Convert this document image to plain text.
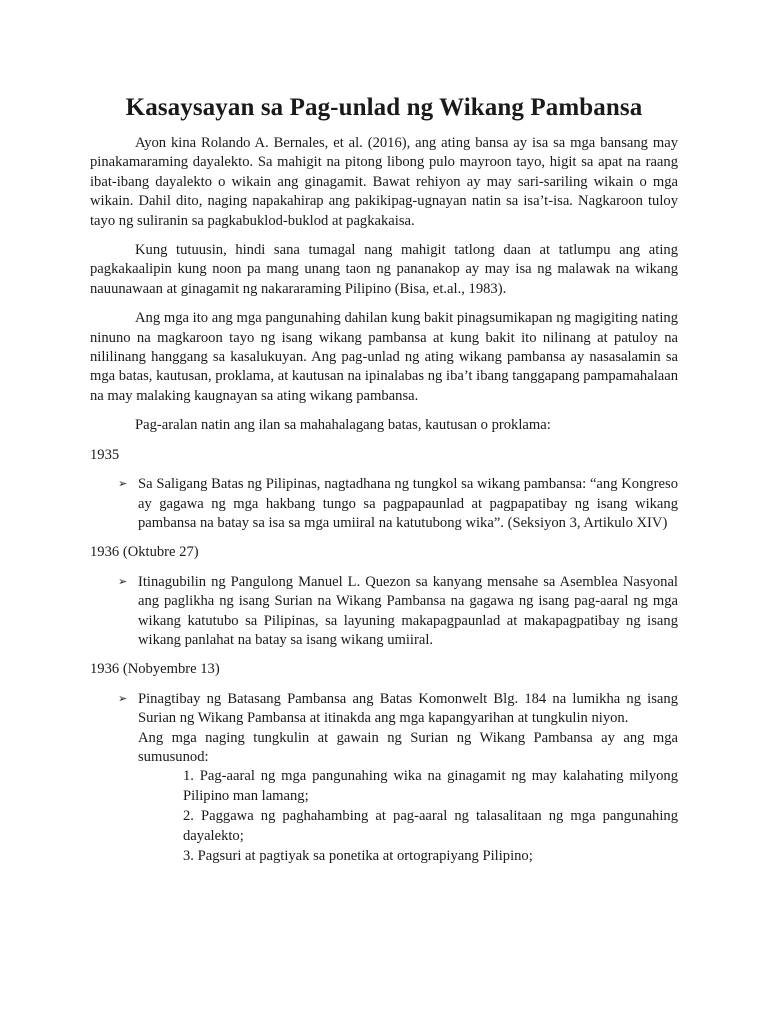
Kasaysayan sa Pag-unlad ng Wikang Pambansa

Ayon kina Rolando A. Bernales, et al. (2016), ang ating bansa ay isa sa mga bansang may pinakamaraming dayalekto. Sa mahigit na pitong libong pulo mayroon tayo, higit sa apat na raang ibat-ibang dayalekto o wikain ang ginagamit. Bawat rehiyon ay may sari-sariling wikain o mga wikain. Dahil dito, naging napakahirap ang pakikipag-ugnayan natin sa isa’t-isa. Nagkaroon tuloy tayo ng suliranin sa pagkabuklod-buklod at pagkakaisa.

Kung tutuusin, hindi sana tumagal nang mahigit tatlong daan at tatlumpu ang ating pagkakaalipin kung noon pa mang unang taon ng pananakop ay may isa ng malawak na wikang nauunawaan at ginagamit ng nakararaming Pilipino (Bisa, et.al., 1983).

Ang mga ito ang mga pangunahing dahilan kung bakit pinagsumikapan ng magigiting nating ninuno na magkaroon tayo ng isang wikang pambansa at kung bakit ito nilinang at patuloy na nililinang hanggang sa kasalukuyan. Ang pag-unlad ng ating wikang pambansa ay nasasalamin sa mga batas, kautusan, proklama, at kautusan na ipinalabas ng iba’t ibang tanggapang pampamahalaan na may malaking kaugnayan sa ating wikang pambansa.

Pag-aralan natin ang ilan sa mahahalagang batas, kautusan o proklama:

1935
➢ Sa Saligang Batas ng Pilipinas, nagtadhana ng tungkol sa wikang pambansa: “ang Kongreso ay gagawa ng mga hakbang tungo sa pagpapaunlad at pagpapatibay ng isang wikang pambansa na batay sa isa sa mga umiiral na katutubong wika”. (Seksiyon 3, Artikulo XIV)

1936 (Oktubre 27)
➢ Itinagubilin ng Pangulong Manuel L. Quezon sa kanyang mensahe sa Asemblea Nasyonal ang paglikha ng isang Surian na Wikang Pambansa na gagawa ng isang pag-aaral ng mga wikang katutubo sa Pilipinas, sa layuning makapagpaunlad at makapagpatibay ng isang wikang panlahat na batay sa isang wikang umiiral.

1936 (Nobyembre 13)
➢ Pinagtibay ng Batasang Pambansa ang Batas Komonwelt Blg. 184 na lumikha ng isang Surian ng Wikang Pambansa at itinakda ang mga kapangyarihan at tungkulin niyon.

Ang mga naging tungkulin at gawain ng Surian ng Wikang Pambansa ay ang mga sumusunod:

1. Pag-aaral ng mga pangunahing wika na ginagamit ng may kalahating milyong Pilipino man lamang;
2. Paggawa ng paghahambing at pag-aaral ng talasalitaan ng mga pangunahing dayalekto;
3. Pagsuri at pagtiyak sa ponetika at ortograpiyang Pilipino;
